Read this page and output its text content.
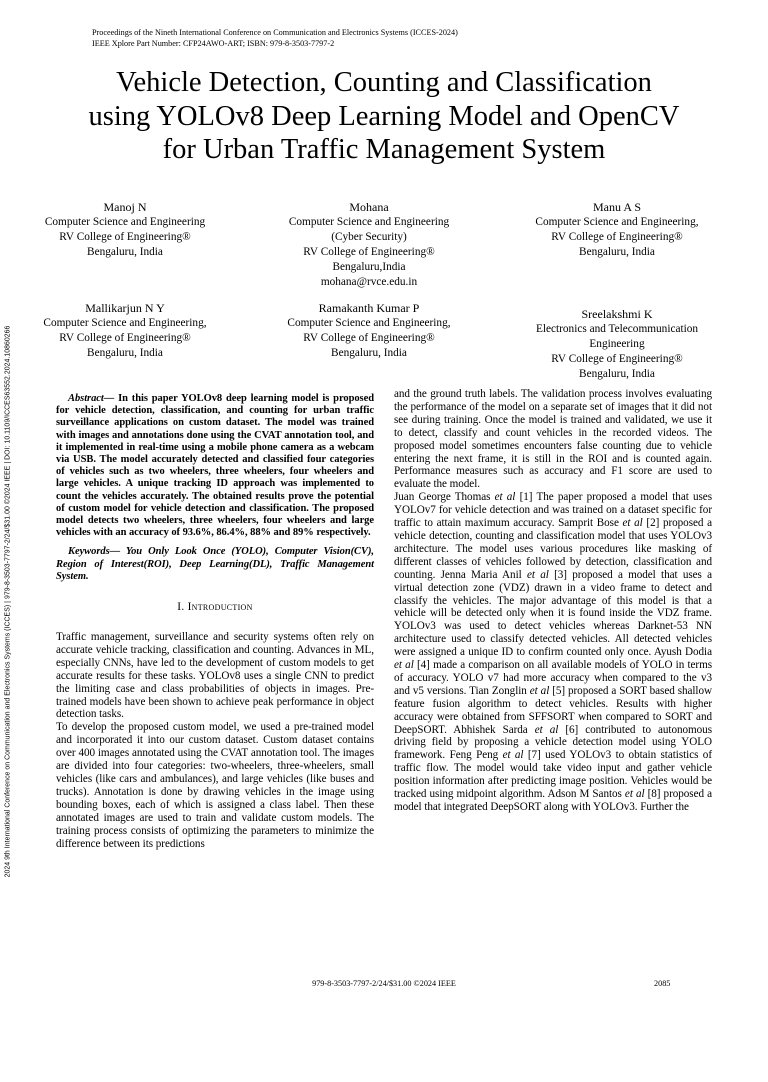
Proceedings of the Nineth International Conference on Communication and Electronics Systems (ICCES-2024)
IEEE Xplore Part Number: CFP24AWO-ART; ISBN: 979-8-3503-7797-2
2024 9th International Conference on Communication and Electronics Systems (ICCES) | 979-8-3503-7797-2/24/$31.00 ©2024 IEEE | DOI: 10.1109/ICCES63552.2024.10860266
Vehicle Detection, Counting and Classification
using YOLOv8 Deep Learning Model and OpenCV
for Urban Traffic Management System
Manoj N
Computer Science and Engineering
RV College of Engineering®
Bengaluru, India
Mohana
Computer Science and Engineering
(Cyber Security)
RV College of Engineering®
Bengaluru,India
mohana@rvce.edu.in
Manu A S
Computer Science and Engineering,
RV College of Engineering®
Bengaluru, India
Mallikarjun N Y
Computer Science and Engineering,
RV College of Engineering®
Bengaluru, India
Ramakanth Kumar P
Computer Science and Engineering,
RV College of Engineering®
Bengaluru, India
Sreelakshmi K
Electronics and Telecommunication
Engineering
RV College of Engineering®
Bengaluru, India

Abstract— In this paper YOLOv8 deep learning model is proposed for vehicle detection, classification, and counting for urban traffic surveillance applications on custom dataset. The model was trained with images and annotations done using the CVAT annotation tool, and it implemented in real-time using a mobile phone camera as a webcam via USB. The model accurately detected and classified four categories of vehicles such as two wheelers, three wheelers, four wheelers and large vehicles. A unique tracking ID approach was implemented to count the vehicles accurately. The obtained results prove the potential of custom model for vehicle detection and classification. The proposed model detects two wheelers, three wheelers, four wheelers and large vehicles with an accuracy of 93.6%, 86.4%, 88% and 89% respectively.

Keywords— You Only Look Once (YOLO), Computer Vision(CV), Region of Interest(ROI), Deep Learning(DL), Traffic Management System.

I. Introduction

Traffic management, surveillance and security systems often rely on accurate vehicle tracking, classification and counting. Advances in ML, especially CNNs, have led to the development of custom models to get accurate results for these tasks. YOLOv8 uses a single CNN to predict the limiting case and class probabilities of objects in images. Pre-trained models have been shown to achieve peak performance in object detection tasks.

To develop the proposed custom model, we used a pre-trained model and incorporated it into our custom dataset. Custom dataset contains over 400 images annotated using the CVAT annotation tool. The images are divided into four categories: two-wheelers, three-wheelers, small vehicles (like cars and ambulances), and large vehicles (like buses and trucks). Annotation is done by drawing vehicles in the image using bounding boxes, each of which is assigned a class label. Then these annotated images are used to train and validate custom models. The training process consists of optimizing the parameters to minimize the difference between its predictions

and the ground truth labels. The validation process involves evaluating the performance of the model on a separate set of images that it did not see during training. Once the model is trained and validated, we use it to detect, classify and count vehicles in the recorded videos. The proposed model sometimes encounters false counting due to vehicle entering the next frame, it is still in the ROI and is counted again. Performance measures such as accuracy and F1 score are used to evaluate the model.

Juan George Thomas et al [1] The paper proposed a model that uses YOLOv7 for vehicle detection and was trained on a dataset specific for traffic to attain maximum accuracy. Samprit Bose et al [2] proposed a vehicle detection, counting and classification model that uses YOLOv3 architecture. The model uses various procedures like masking of different classes of vehicles followed by detection, classification and counting. Jenna Maria Anil et al [3] proposed a model that uses a virtual detection zone (VDZ) drawn in a video frame to detect and classify the vehicles. The major advantage of this model is that a vehicle will be detected only when it is found inside the VDZ frame. YOLOv3 was used to detect vehicles whereas Darknet-53 NN architecture used to classify detected vehicles. All detected vehicles were assigned a unique ID to confirm counted only once. Ayush Dodia et al [4] made a comparison on all available models of YOLO in terms of accuracy. YOLO v7 had more accuracy when compared to the v3 and v5 versions. Tian Zonglin et al [5] proposed a SORT based shallow feature fusion algorithm to detect vehicles. Results with higher accuracy were obtained from SFFSORT when compared to SORT and DeepSORT. Abhishek Sarda et al [6] contributed to autonomous driving field by proposing a vehicle detection model using YOLO framework. Feng Peng et al [7] used YOLOv3 to obtain statistics of traffic flow. The model would take video input and gather vehicle position information after predicting image position. Vehicles would be tracked using midpoint algorithm. Adson M Santos et al [8] proposed a model that integrated DeepSORT along with YOLOv3. Further the

979-8-3503-7797-2/24/$31.00 ©2024 IEEE	2085
